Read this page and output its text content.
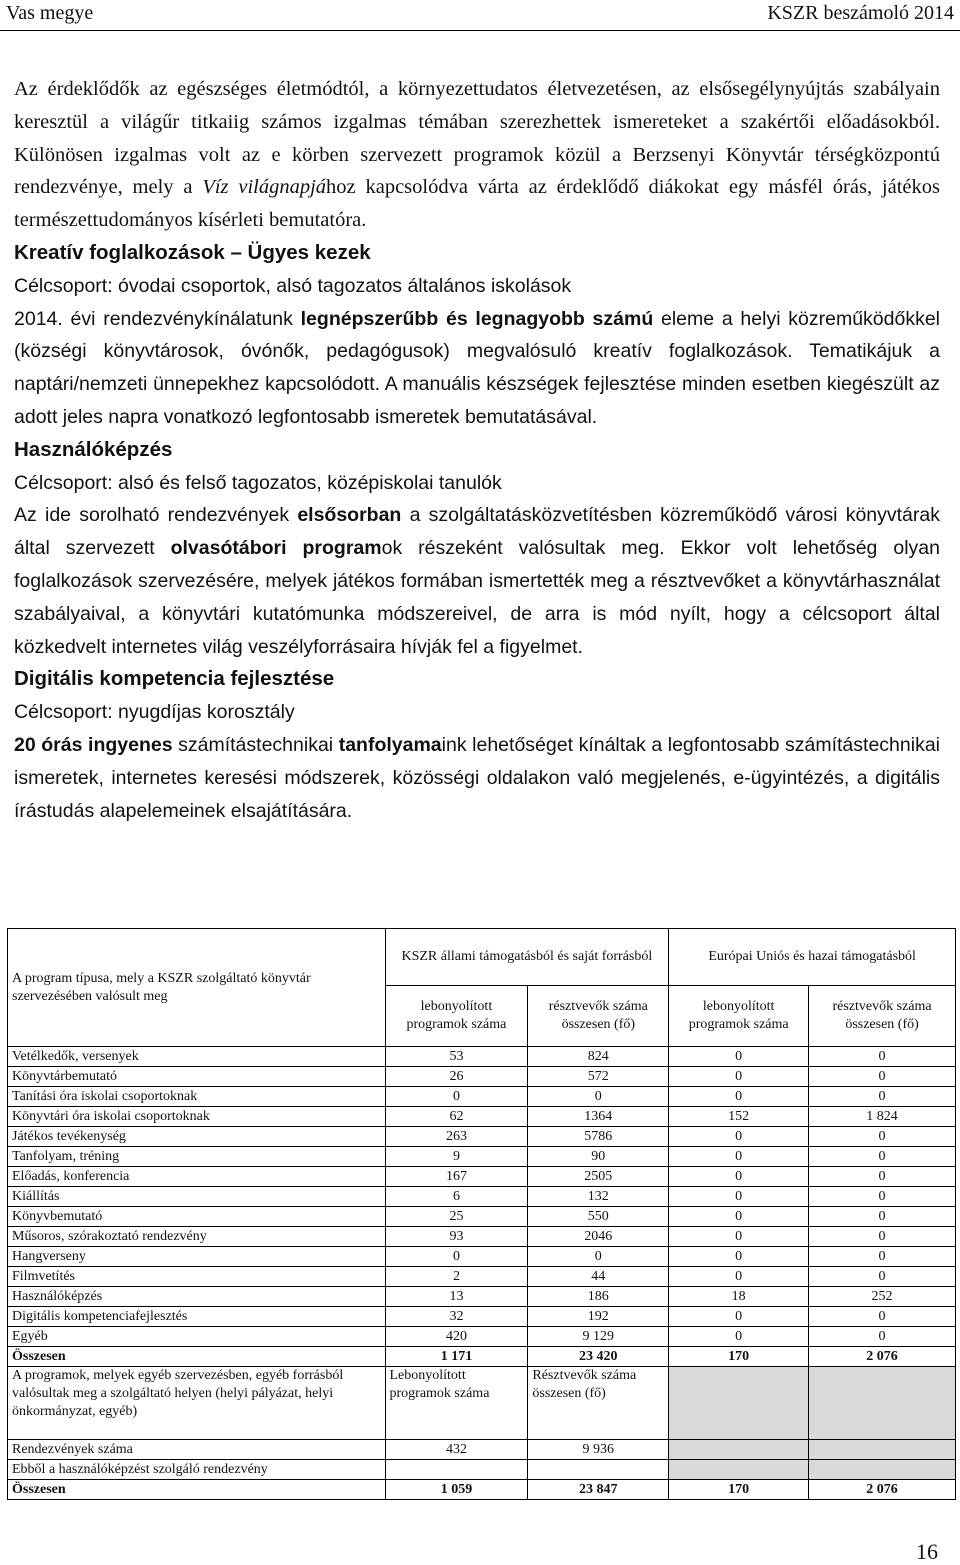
Vas megye	KSZR beszámoló 2014

Az érdeklődők az egészséges életmódtól, a környezettudatos életvezetésen, az elsősegélynyújtás szabályain keresztül a világűr titkaiig számos izgalmas témában szerezhettek ismereteket a szakértői előadásokból. Különösen izgalmas volt az e körben szervezett programok közül a Berzsenyi Könyvtár térségközpontú rendezvénye, mely a Víz világnapjához kapcsolódva várta az érdeklődő diákokat egy másfél órás, játékos természettudományos kísérleti bemutatóra.

Kreatív foglalkozások – Ügyes kezek

Célcsoport: óvodai csoportok, alsó tagozatos általános iskolások

2014. évi rendezvénykínálatunk legnépszerűbb és legnagyobb számú eleme a helyi közreműködőkkel (községi könyvtárosok, óvónők, pedagógusok) megvalósuló kreatív foglalkozások. Tematikájuk a naptári/nemzeti ünnepekhez kapcsolódott. A manuális készségek fejlesztése minden esetben kiegészült az adott jeles napra vonatkozó legfontosabb ismeretek bemutatásával.

Használóképzés

Célcsoport: alsó és felső tagozatos, középiskolai tanulók

Az ide sorolható rendezvények elsősorban a szolgáltatásközvetítésben közreműködő városi könyvtárak által szervezett olvasótábori programok részeként valósultak meg. Ekkor volt lehetőség olyan foglalkozások szervezésére, melyek játékos formában ismertették meg a résztvevőket a könyvtárhasználat szabályaival, a könyvtári kutatómunka módszereivel, de arra is mód nyílt, hogy a célcsoport által közkedvelt internetes világ veszélyforrásaira hívják fel a figyelmet.

Digitális kompetencia fejlesztése

Célcsoport: nyugdíjas korosztály

20 órás ingyenes számítástechnikai tanfolyamaink lehetőséget kínáltak a legfontosabb számítástechnikai ismeretek, internetes keresési módszerek, közösségi oldalakon való megjelenés, e-ügyintézés, a digitális írástudás alapelemeinek elsajátítására.

A program típusa, mely a KSZR szolgáltató könyvtár szervezésében valósult meg	KSZR állami támogatásból és saját forrásból		Európai Uniós és hazai támogatásból	
	lebonyolított programok száma	résztvevők száma összesen (fő)	lebonyolított programok száma	résztvevők száma összesen (fő)
Vetélkedők, versenyek	53	824	0	0
Könyvtárbemutató	26	572	0	0
Tanítási óra iskolai csoportoknak	0	0	0	0
Könyvtári óra iskolai csoportoknak	62	1364	152	1 824
Játékos tevékenység	263	5786	0	0
Tanfolyam, tréning	9	90	0	0
Előadás, konferencia	167	2505	0	0
Kiállítás	6	132	0	0
Könyvbemutató	25	550	0	0
Műsoros, szórakoztató rendezvény	93	2046	0	0
Hangverseny	0	0	0	0
Filmvetítés	2	44	0	0
Használóképzés	13	186	18	252
Digitális kompetenciafejlesztés	32	192	0	0
Egyéb	420	9 129	0	0
Összesen	1 171	23 420	170	2 076
A programok, melyek egyéb szervezésben, egyéb forrásból valósultak meg a szolgáltató helyen (helyi pályázat, helyi önkormányzat, egyéb)	Lebonyolított programok száma	Résztvevők száma összesen (fő)		
Rendezvények száma	432	9 936		
Ebből a használóképzést szolgáló rendezvény				
Összesen	1 059	23 847	170	2 076
16
